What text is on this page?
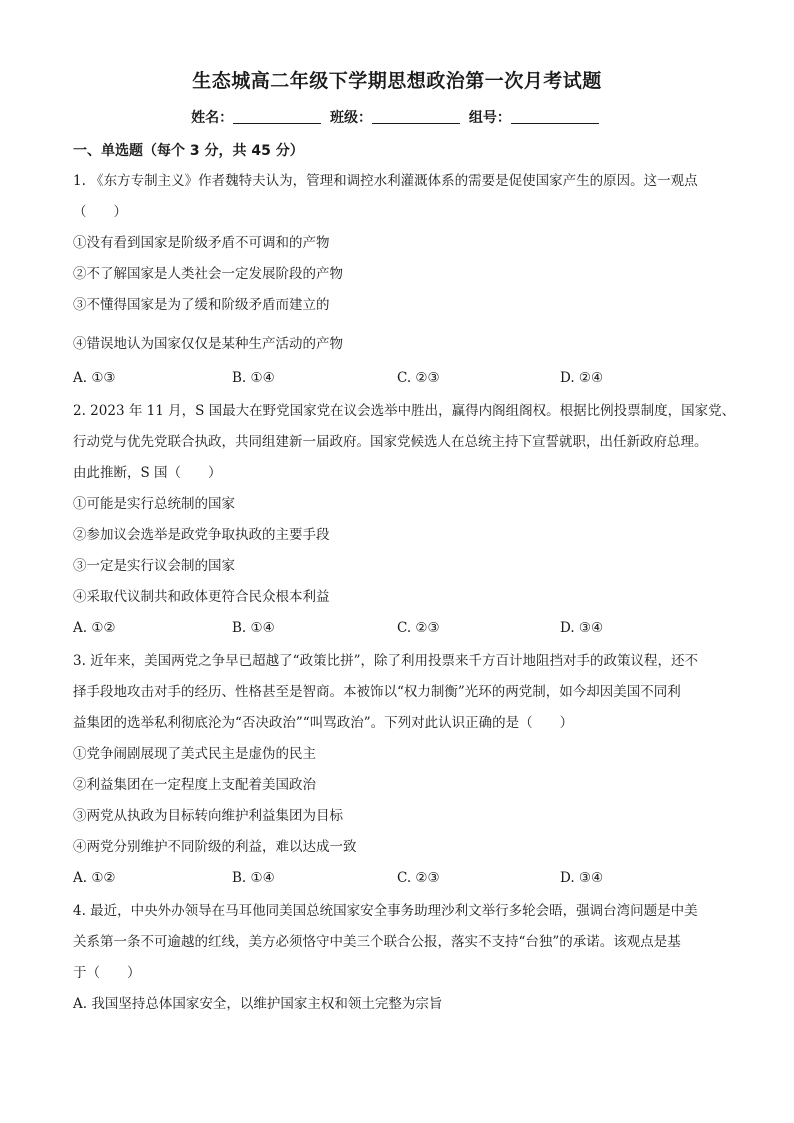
生态城高二年级下学期思想政治第一次月考试题
姓名：	班级：	组号：
一、单选题（每个 3 分，共 45 分）
1. 《东方专制主义》作者魏特夫认为，管理和调控水利灌溉体系的需要是促使国家产生的原因。这一观点
（　　）
①没有看到国家是阶级矛盾不可调和的产物
②不了解国家是人类社会一定发展阶段的产物
③不懂得国家是为了缓和阶级矛盾而建立的
④错误地认为国家仅仅是某种生产活动的产物
A. ①③	B. ①④	C. ②③	D. ②④
2. 2023 年 11 月，S 国最大在野党国家党在议会选举中胜出，赢得内阁组阁权。根据比例投票制度，国家党、
行动党与优先党联合执政，共同组建新一届政府。国家党候选人在总统主持下宣誓就职，出任新政府总理。
由此推断，S 国（　　）
①可能是实行总统制的国家
②参加议会选举是政党争取执政的主要手段
③一定是实行议会制的国家
④采取代议制共和政体更符合民众根本利益
A. ①②	B. ①④	C. ②③	D. ③④
3. 近年来，美国两党之争早已超越了“政策比拼”，除了利用投票来千方百计地阻挡对手的政策议程，还不
择手段地攻击对手的经历、性格甚至是智商。本被饰以“权力制衡”光环的两党制，如今却因美国不同利
益集团的选举私利彻底沦为“否决政治”“叫骂政治”。下列对此认识正确的是（　　）
①党争闹剧展现了美式民主是虚伪的民主
②利益集团在一定程度上支配着美国政治
③两党从执政为目标转向维护利益集团为目标
④两党分别维护不同阶级的利益，难以达成一致
A. ①②	B. ①④	C. ②③	D. ③④
4. 最近，中央外办领导在马耳他同美国总统国家安全事务助理沙利文举行多轮会晤，强调台湾问题是中美
关系第一条不可逾越的红线，美方必须恪守中美三个联合公报，落实不支持“台独”的承诺。该观点是基
于（　　）
A. 我国坚持总体国家安全，以维护国家主权和领土完整为宗旨
